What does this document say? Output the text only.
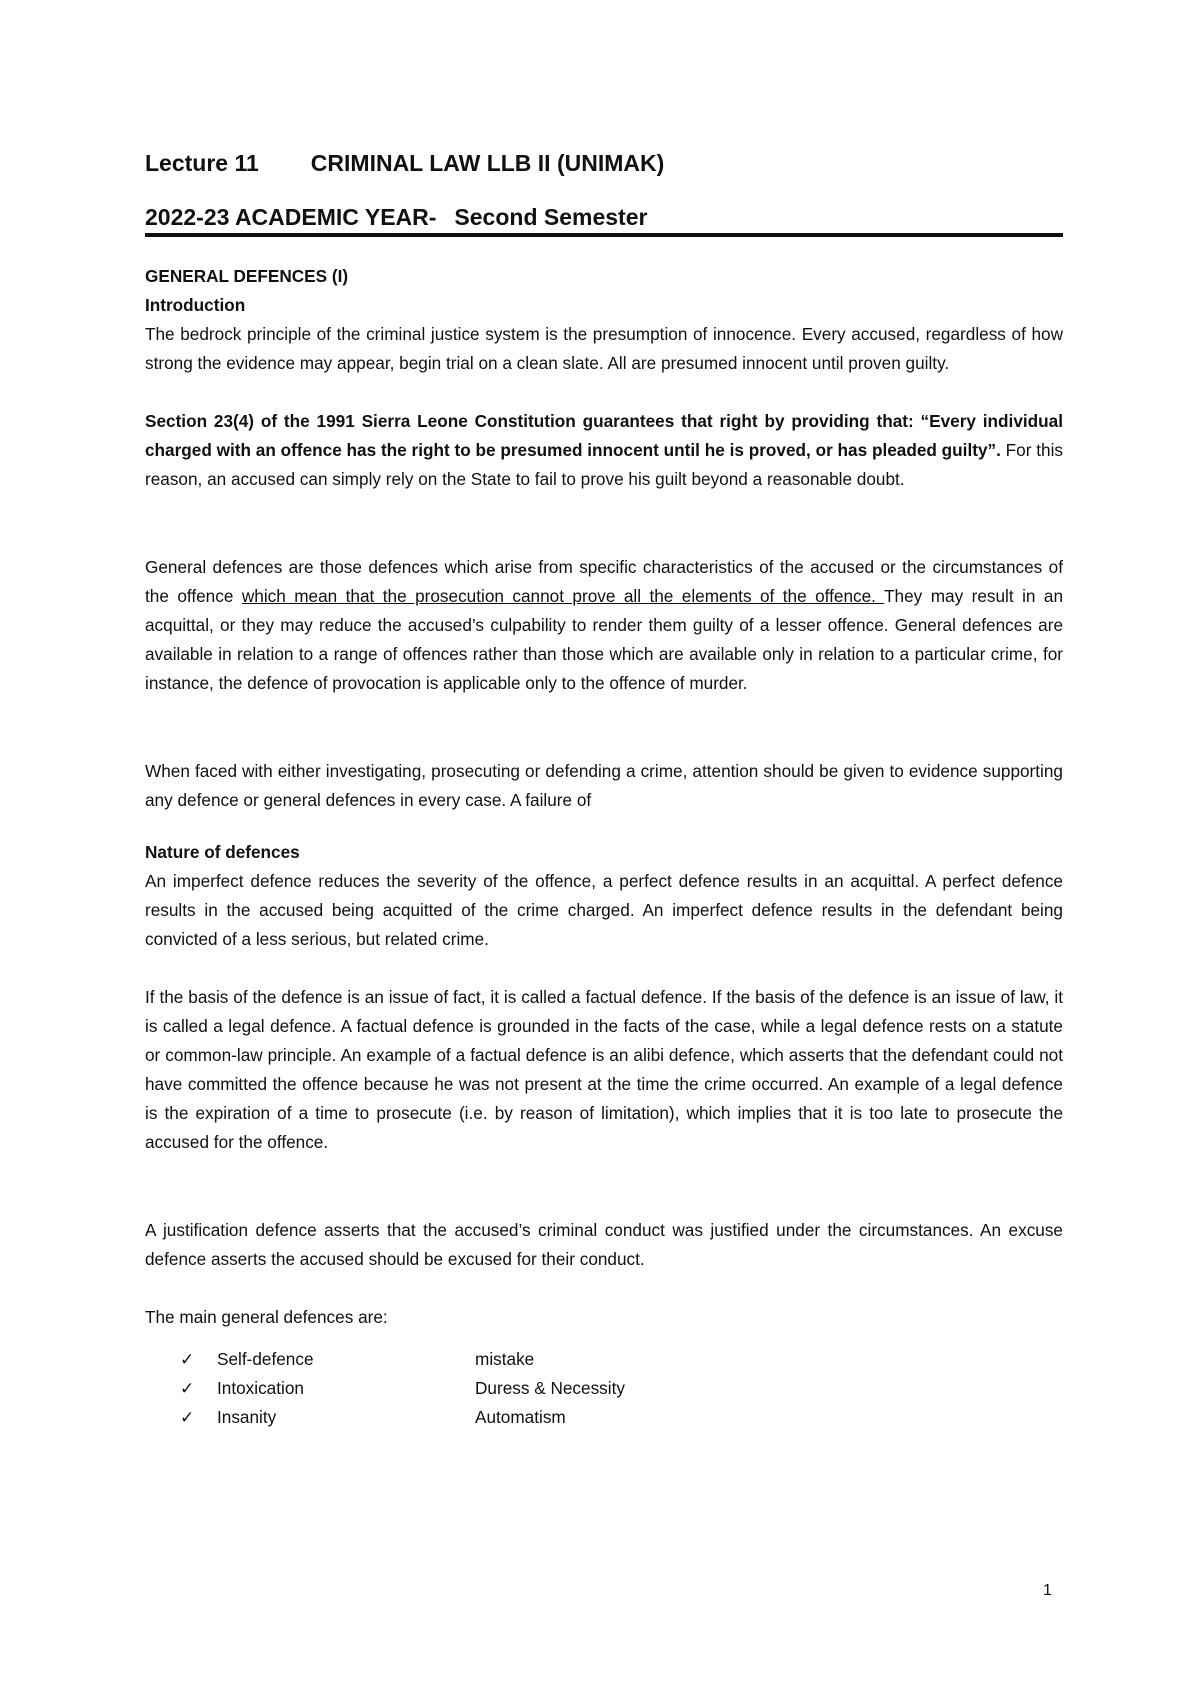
Lecture 11 CRIMINAL LAW LLB II (UNIMAK)
2022-23 ACADEMIC YEAR- Second Semester
GENERAL DEFENCES (I)
Introduction
The bedrock principle of the criminal justice system is the presumption of innocence. Every accused, regardless of how strong the evidence may appear, begin trial on a clean slate. All are presumed innocent until proven guilty.
Section 23(4) of the 1991 Sierra Leone Constitution guarantees that right by providing that: “Every individual charged with an offence has the right to be presumed innocent until he is proved, or has pleaded guilty”. For this reason, an accused can simply rely on the State to fail to prove his guilt beyond a reasonable doubt.
General defences are those defences which arise from specific characteristics of the accused or the circumstances of the offence which mean that the prosecution cannot prove all the elements of the offence. They may result in an acquittal, or they may reduce the accused’s culpability to render them guilty of a lesser offence. General defences are available in relation to a range of offences rather than those which are available only in relation to a particular crime, for instance, the defence of provocation is applicable only to the offence of murder.
When faced with either investigating, prosecuting or defending a crime, attention should be given to evidence supporting any defence or general defences in every case. A failure of
Nature of defences
An imperfect defence reduces the severity of the offence, a perfect defence results in an acquittal. A perfect defence results in the accused being acquitted of the crime charged. An imperfect defence results in the defendant being convicted of a less serious, but related crime.
If the basis of the defence is an issue of fact, it is called a factual defence. If the basis of the defence is an issue of law, it is called a legal defence. A factual defence is grounded in the facts of the case, while a legal defence rests on a statute or common-law principle. An example of a factual defence is an alibi defence, which asserts that the defendant could not have committed the offence because he was not present at the time the crime occurred. An example of a legal defence is the expiration of a time to prosecute (i.e. by reason of limitation), which implies that it is too late to prosecute the accused for the offence.
A justification defence asserts that the accused’s criminal conduct was justified under the circumstances. An excuse defence asserts the accused should be excused for their conduct.
The main general defences are:
✓	Self-defence	mistake
✓	Intoxication	Duress & Necessity
✓	Insanity	Automatism
1
